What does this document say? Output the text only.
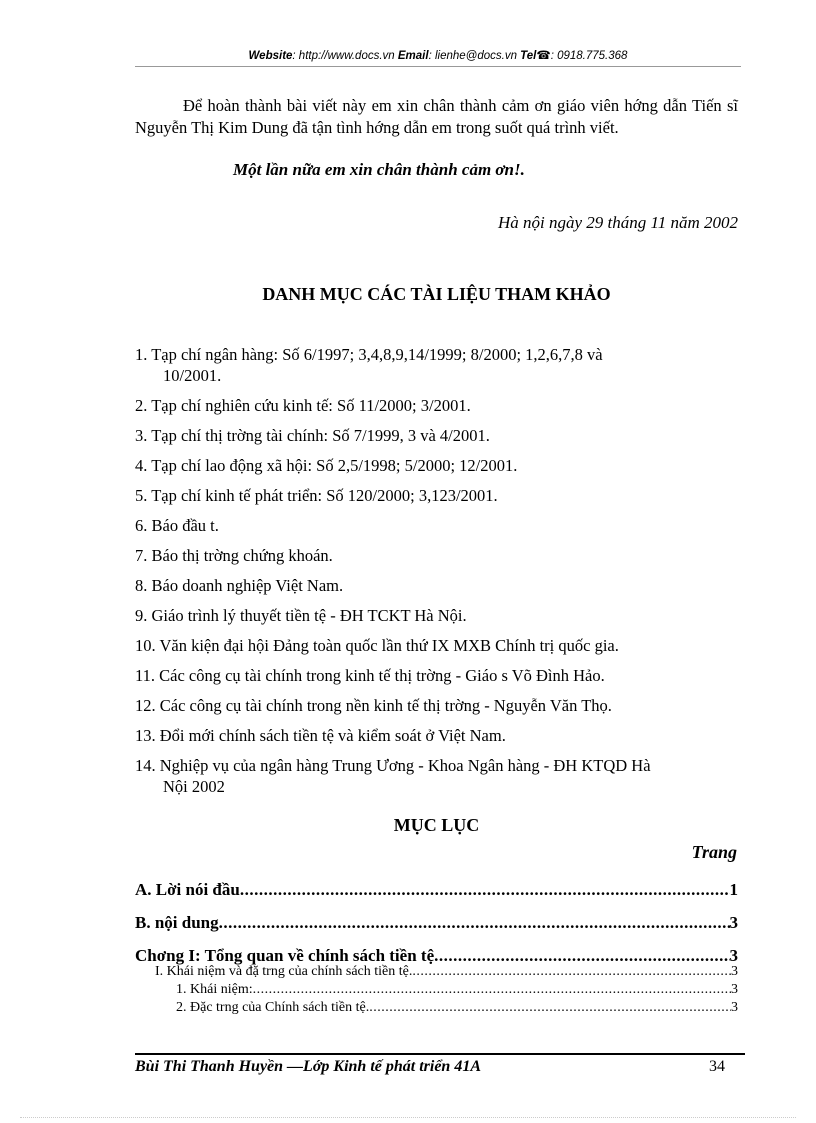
Website: http://www.docs.vn Email: lienhe@docs.vn Tel☎: 0918.775.368
Để hoàn thành bài viết này em xin chân thành cảm ơn giáo viên hớng dẫn Tiến sĩ Nguyễn Thị Kim Dung đã tận tình hớng dẫn em trong suốt quá trình viết.
Một lần nữa em xin chân thành cảm ơn!.
Hà nội ngày 29 tháng 11 năm 2002
DANH MỤC CÁC TÀI LIỆU THAM KHẢO
1. Tạp chí ngân hàng: Số 6/1997; 3,4,8,9,14/1999; 8/2000; 1,2,6,7,8 và
10/2001.
2. Tạp chí nghiên cứu kinh tế: Số 11/2000; 3/2001.
3. Tạp chí thị trờng tài chính: Số 7/1999, 3 và 4/2001.
4. Tạp chí lao động xã hội: Số 2,5/1998; 5/2000; 12/2001.
5. Tạp chí kinh tế phát triển: Số 120/2000; 3,123/2001.
6. Báo đầu t.
7. Báo thị trờng chứng khoán.
8. Báo doanh nghiệp Việt Nam.
9. Giáo trình lý thuyết tiền tệ - ĐH TCKT Hà Nội.
10. Văn kiện đại hội Đảng toàn quốc lần thứ IX MXB Chính trị quốc gia.
11. Các công cụ tài chính trong kinh tế thị trờng - Giáo s Võ Đình Hảo.
12. Các công cụ tài chính trong nền kinh tế thị trờng - Nguyễn Văn Thọ.
13. Đổi mới chính sách tiền tệ và kiểm soát ở Việt Nam.
14. Nghiệp vụ của ngân hàng Trung Ương - Khoa Ngân hàng - ĐH KTQD Hà
Nội 2002
MỤC LỤC
Trang
A. Lời nói đầu .....	1
B. nội dung .....	3
Chơng I: Tổng quan về chính sách tiền tệ .....	3
I. Khái niệm và đặ trng của chính sách tiền tệ. .....	3
1. Khái niệm: .....	3
2. Đặc trng của Chính sách tiền tệ. .....	3
Bùi Thi Thanh Huyền —Lớp Kinh tế phát triển 41A	34
